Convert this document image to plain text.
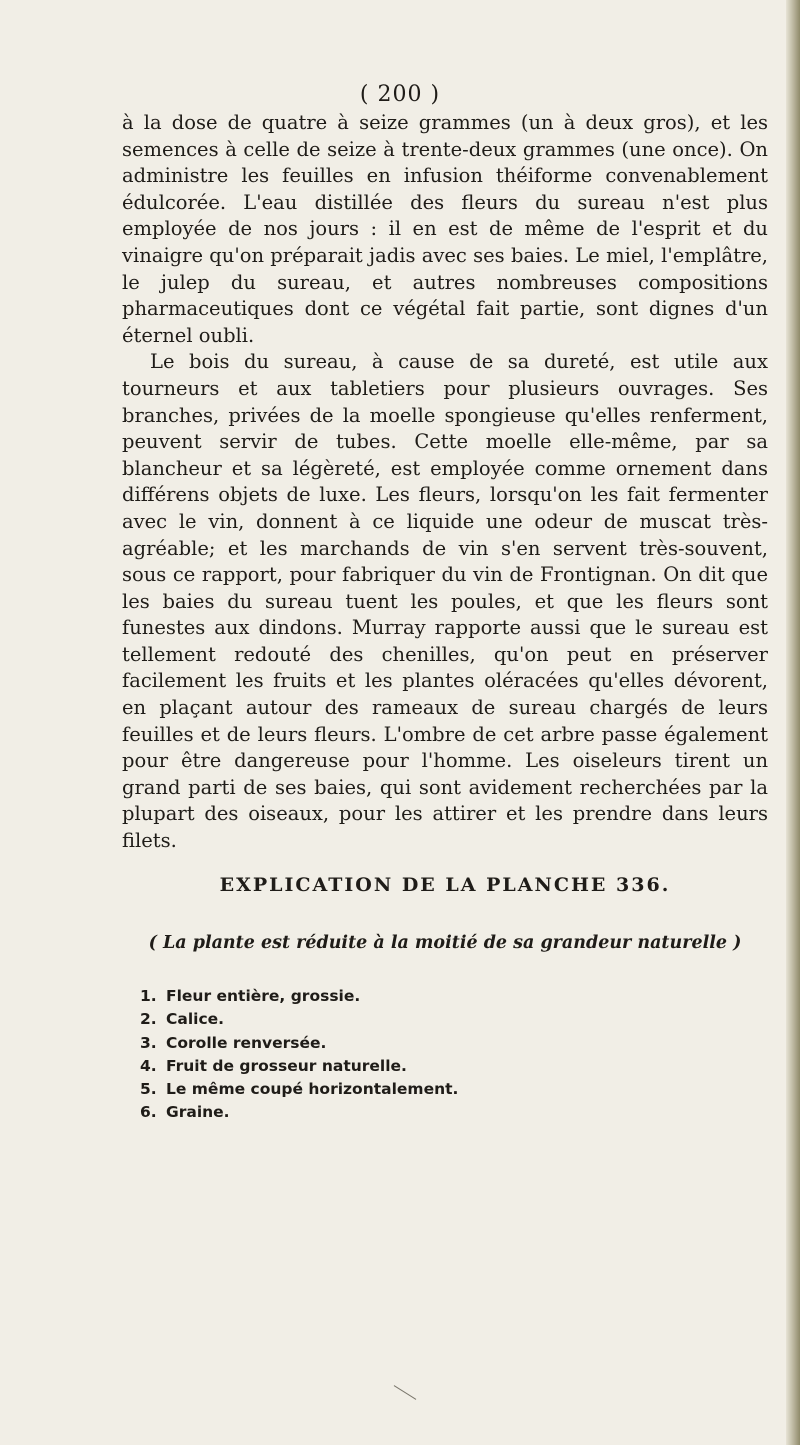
( 200 )

à la dose de quatre à seize grammes (un à deux gros), et les semences à celle de seize à trente-deux grammes (une once). On administre les feuilles en infusion théiforme convenablement édulcorée. L'eau distillée des fleurs du sureau n'est plus employée de nos jours : il en est de même de l'esprit et du vinaigre qu'on préparait jadis avec ses baies. Le miel, l'emplâtre, le julep du sureau, et autres nombreuses compositions pharmaceutiques dont ce végétal fait partie, sont dignes d'un éternel oubli.

Le bois du sureau, à cause de sa dureté, est utile aux tourneurs et aux tabletiers pour plusieurs ouvrages. Ses branches, privées de la moelle spongieuse qu'elles renferment, peuvent servir de tubes. Cette moelle elle-même, par sa blancheur et sa légèreté, est employée comme ornement dans différens objets de luxe. Les fleurs, lorsqu'on les fait fermenter avec le vin, donnent à ce liquide une odeur de muscat très-agréable; et les marchands de vin s'en servent très-souvent, sous ce rapport, pour fabriquer du vin de Frontignan. On dit que les baies du sureau tuent les poules, et que les fleurs sont funestes aux dindons. Murray rapporte aussi que le sureau est tellement redouté des chenilles, qu'on peut en préserver facilement les fruits et les plantes oléracées qu'elles dévorent, en plaçant autour des rameaux de sureau chargés de leurs feuilles et de leurs fleurs. L'ombre de cet arbre passe également pour être dangereuse pour l'homme. Les oiseleurs tirent un grand parti de ses baies, qui sont avidement recherchées par la plupart des oiseaux, pour les attirer et les prendre dans leurs filets.

EXPLICATION DE LA PLANCHE 336.
( La plante est réduite à la moitié de sa grandeur naturelle )
1. Fleur entière, grossie.
2. Calice.
3. Corolle renversée.
4. Fruit de grosseur naturelle.
5. Le même coupé horizontalement.
6. Graine.
